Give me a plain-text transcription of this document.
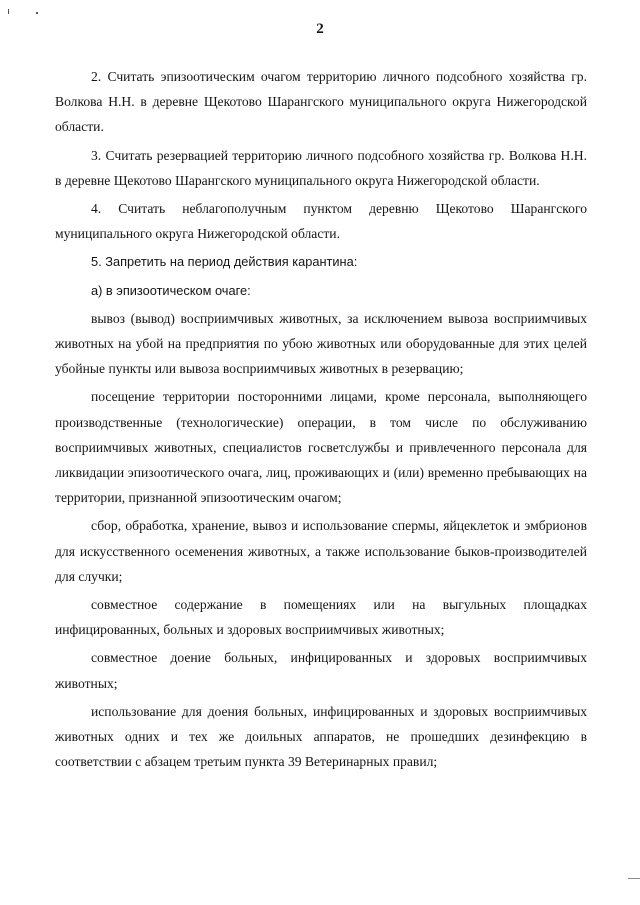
2

2. Считать эпизоотическим очагом территорию личного подсобного хозяйства гр. Волкова Н.Н. в деревне Щекотово Шарангского муниципального округа Нижегородской области.

3. Считать резервацией территорию личного подсобного хозяйства гр. Волкова Н.Н. в деревне Щекотово Шарангского муниципального округа Нижегородской области.

4. Считать неблагополучным пунктом деревню Щекотово Шарангского муниципального округа Нижегородской области.

5. Запретить на период действия карантина:

а) в эпизоотическом очаге:

вывоз (вывод) восприимчивых животных, за исключением вывоза восприимчивых животных на убой на предприятия по убою животных или оборудованные для этих целей убойные пункты или вывоза восприимчивых животных в резервацию;

посещение территории посторонними лицами, кроме персонала, выполняющего производственные (технологические) операции, в том числе по обслуживанию восприимчивых животных, специалистов госветслужбы и привлеченного персонала для ликвидации эпизоотического очага, лиц, проживающих и (или) временно пребывающих на территории, признанной эпизоотическим очагом;

сбор, обработка, хранение, вывоз и использование спермы, яйцеклеток и эмбрионов для искусственного осеменения животных, а также использование быков-производителей для случки;

совместное содержание в помещениях или на выгульных площадках инфицированных, больных и здоровых восприимчивых животных;

совместное доение больных, инфицированных и здоровых восприимчивых животных;

использование для доения больных, инфицированных и здоровых восприимчивых животных одних и тех же доильных аппаратов, не прошедших дезинфекцию в соответствии с абзацем третьим пункта 39 Ветеринарных правил;
